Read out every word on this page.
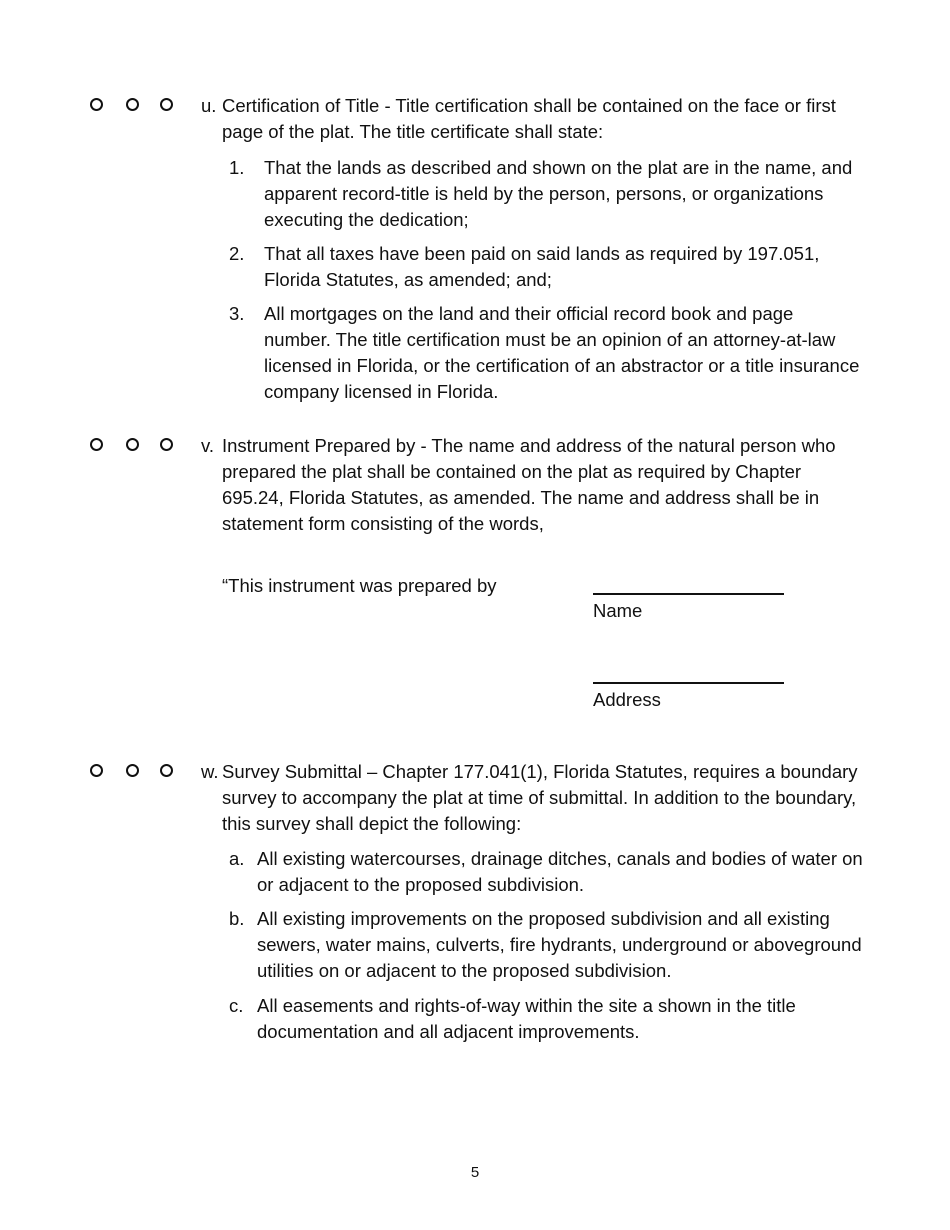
u. Certification of Title - Title certification shall be contained on the face or first page of the plat. The title certificate shall state:

1. That the lands as described and shown on the plat are in the name, and apparent record-title is held by the person, persons, or organizations executing the dedication;

2. That all taxes have been paid on said lands as required by 197.051, Florida Statutes, as amended; and;

3. All mortgages on the land and their official record book and page number. The title certification must be an opinion of an attorney-at-law licensed in Florida, or the certification of an abstractor or a title insurance company licensed in Florida.

v. Instrument Prepared by - The name and address of the natural person who prepared the plat shall be contained on the plat as required by Chapter 695.24, Florida Statutes, as amended. The name and address shall be in statement form consisting of the words,

“This instrument was prepared by
Name
Address
w. Survey Submittal – Chapter 177.041(1), Florida Statutes, requires a boundary survey to accompany the plat at time of submittal. In addition to the boundary, this survey shall depict the following:

a. All existing watercourses, drainage ditches, canals and bodies of water on or adjacent to the proposed subdivision.

b. All existing improvements on the proposed subdivision and all existing sewers, water mains, culverts, fire hydrants, underground or aboveground utilities on or adjacent to the proposed subdivision.

c. All easements and rights-of-way within the site a shown in the title documentation and all adjacent improvements.

5
